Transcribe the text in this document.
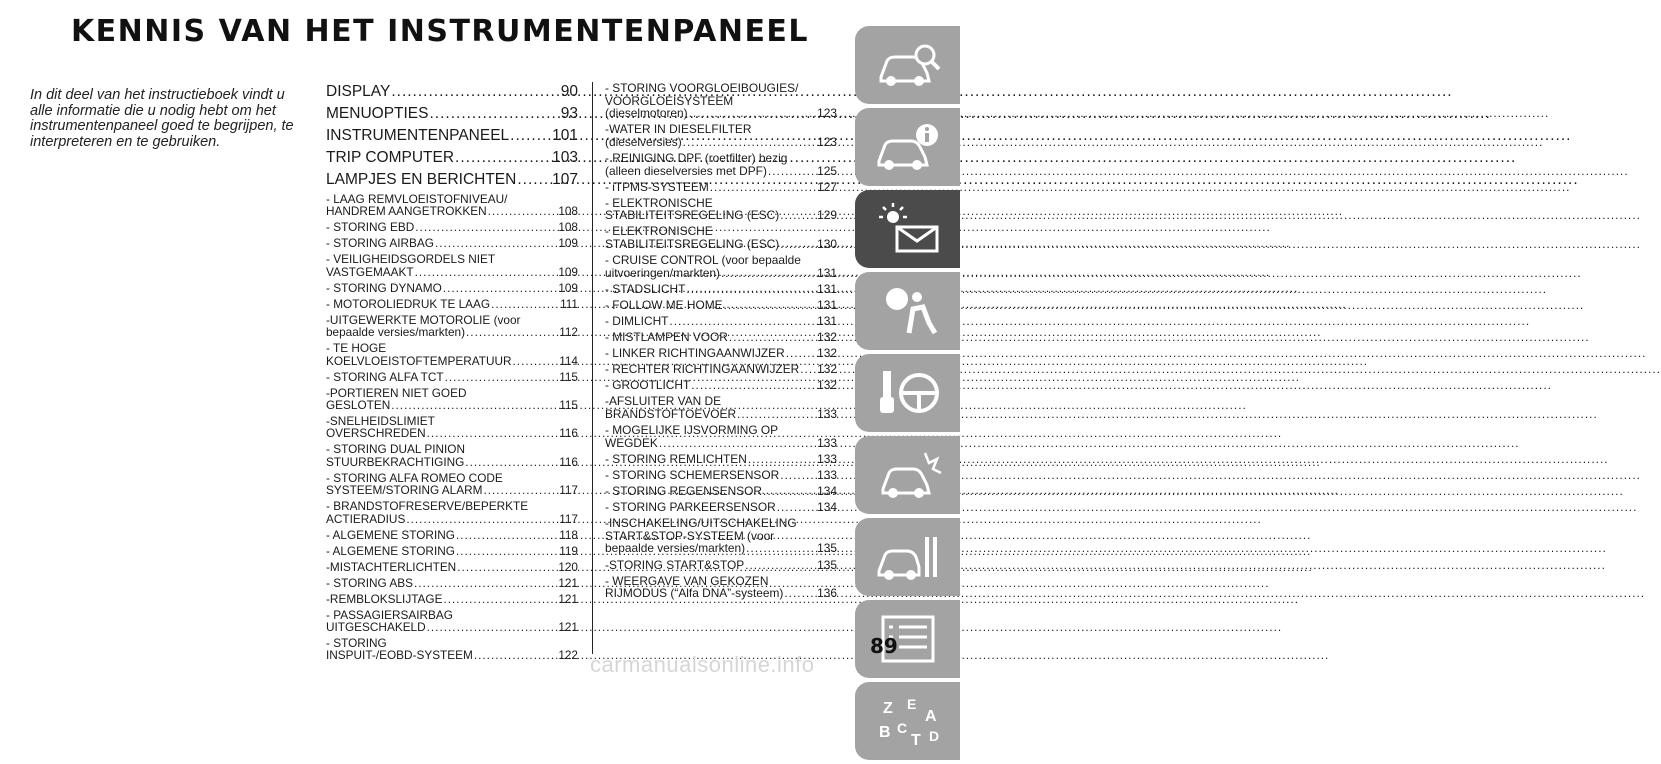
KENNIS VAN HET INSTRUMENTENPANEEL
In dit deel van het instructieboek vindt u alle informatie die u nodig hebt om het instrumentenpaneel goed te begrijpen, te interpreteren en te gebruiken.
DISPLAY .....	90
MENUOPTIES .....	93
INSTRUMENTENPANEEL .....	101
TRIP COMPUTER .....	103
LAMPJES EN BERICHTEN ..... 107
- LAAG REMVLOEISTOFNIVEAU/
HANDREM AANGETROKKEN .....	108
- STORING EBD .....	108
- STORING AIRBAG .....	109
- VEILIGHEIDSGORDELS NIET
VASTGEMAAKT .....	109
- STORING DYNAMO .....	109
- MOTOROLIEDRUK TE LAAG .....	111
-UITGEWERKTE MOTOROLIE (voor
bepaalde versies/markten) .....	112
- TE HOGE
KOELVLOEISTOFTEMPERATUUR .....	114
- STORING ALFA TCT .....	115
-PORTIEREN NIET GOED
GESLOTEN .....	115
-SNELHEIDSLIMIET
OVERSCHREDEN .....	116
- STORING DUAL PINION
STUURBEKRACHTIGING .....	116
- STORING ALFA ROMEO CODE
SYSTEEM/STORING ALARM .....	117
- BRANDSTOFRESERVE/BEPERKTE
ACTIERADIUS .....	117
- ALGEMENE STORING .....	118
- ALGEMENE STORING .....	119
-MISTACHTERLICHTEN .....	120
- STORING ABS .....	121
-REMBLOKSLIJTAGE .....	121
- PASSAGIERSAIRBAG
UITGESCHAKELD .....	121
- STORING
INSPUIT-/EOBD-SYSTEEM .....	122
- STORING VOORGLOEIBOUGIES/
VOORGLOEISYSTEEM
(dieselmotoren) .....	123
-WATER IN DIESELFILTER
(dieselversies) .....	123
- REINIGING DPF (roetfilter) bezig
(alleen dieselversies met DPF) .....	125
- iTPMS-SYSTEEM .....	127
- ELEKTRONISCHE
STABILITEITSREGELING (ESC) .....	129
- ELEKTRONISCHE
STABILITEITSREGELING (ESC) .....	130
- CRUISE CONTROL (voor bepaalde
uitvoeringen/markten) .....	131
- STADSLICHT .....	131
- FOLLOW ME HOME .....	131
- DIMLICHT .....	131
- MISTLAMPEN VOOR .....	132
- LINKER RICHTINGAANWIJZER .....	132
- RECHTER RICHTINGAANWIJZER ..... 132
- GROOTLICHT .....	132
-AFSLUITER VAN DE
BRANDSTOFTOEVOER .....	133
- MOGELIJKE IJSVORMING OP
WEGDEK .....	133
- STORING REMLICHTEN .....	133
- STORING SCHEMERSENSOR .....	133
- STORING REGENSENSOR .....	134
- STORING PARKEERSENSOR .....	134
-INSCHAKELING/UITSCHAKELING
START&STOP-SYSTEEM (voor
bepaalde versies/markten) .....	135
-STORING START&STOP .....	135
- WEERGAVE VAN GEKOZEN
RIJMODUS (“Alfa DNA”-systeem) .....	136
Z E
A
B C
T D
89
carmanualsonline.info
